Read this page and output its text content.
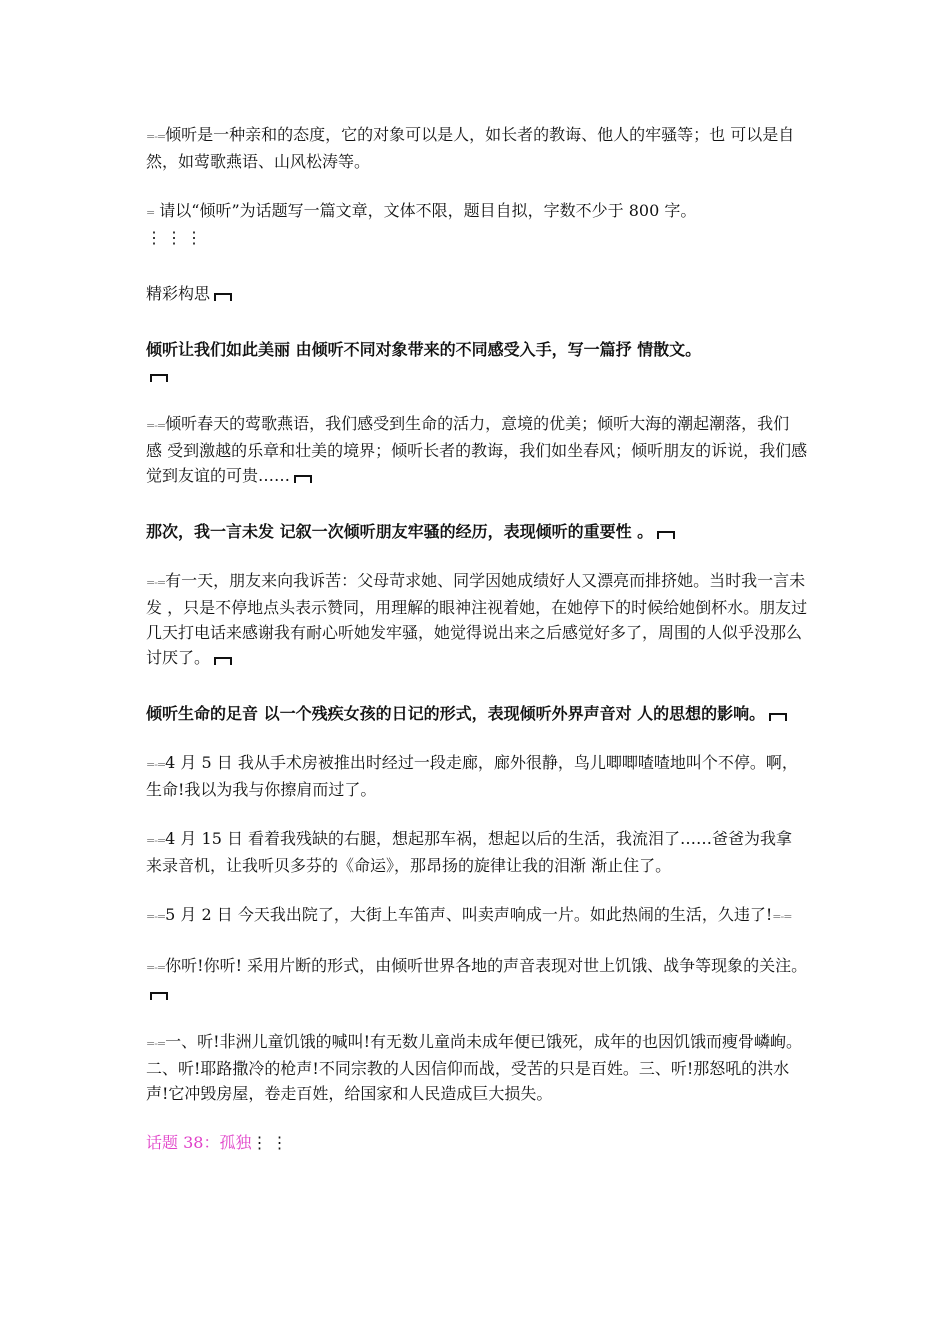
=-=倾听是一种亲和的态度，它的对象可以是人，如长者的教诲、他人的牢骚等；也 可以是自然，如莺歌燕语、山风松涛等。

= 请以“倾听”为话题写一篇文章，文体不限，题目自拟，字数不少于 800 字。
⋮⋮⋮

精彩构思

倾听让我们如此美丽 由倾听不同对象带来的不同感受入手，写一篇抒 情散文。

=-=倾听春天的莺歌燕语，我们感受到生命的活力，意境的优美；倾听大海的潮起潮落，我们 感 受到激越的乐章和壮美的境界；倾听长者的教诲，我们如坐春风；倾听朋友的诉说，我们感觉到友谊的可贵……

那次，我一言未发 记叙一次倾听朋友牢骚的经历，表现倾听的重要性 。

=-=有一天，朋友来向我诉苦：父母苛求她、同学因她成绩好人又漂亮而排挤她。当时我一言未 发 ，只是不停地点头表示赞同，用理解的眼神注视着她，在她停下的时候给她倒杯水。朋友过几天打电话来感谢我有耐心听她发牢骚，她觉得说出来之后感觉好多了，周围的人似乎没那么讨厌了。

倾听生命的足音 以一个残疾女孩的日记的形式，表现倾听外界声音对 人的思想的影响。

=-=4 月 5 日 我从手术房被推出时经过一段走廊，廊外很静，鸟儿唧唧喳喳地叫个不停。啊，生命!我以为我与你擦肩而过了。

=-=4 月 15 日 看着我残缺的右腿，想起那车祸，想起以后的生活，我流泪了……爸爸为我拿来录音机，让我听贝多芬的《命运》，那昂扬的旋律让我的泪渐 渐止住了。

=-=5 月 2 日 今天我出院了，大街上车笛声、叫卖声响成一片。如此热闹的生活，久违了!=-=

=-=你听!你听! 采用片断的形式，由倾听世界各地的声音表现对世上饥饿、战争等现象的关注。

=-=一、听!非洲儿童饥饿的喊叫!有无数儿童尚未成年便已饿死，成年的也因饥饿而瘦骨嶙峋。 二、听!耶路撒冷的枪声!不同宗教的人因信仰而战，受苦的只是百姓。三、听!那怒吼的洪水声!它冲毁房屋，卷走百姓，给国家和人民造成巨大损失。

话题 38：孤独⋮⋮
